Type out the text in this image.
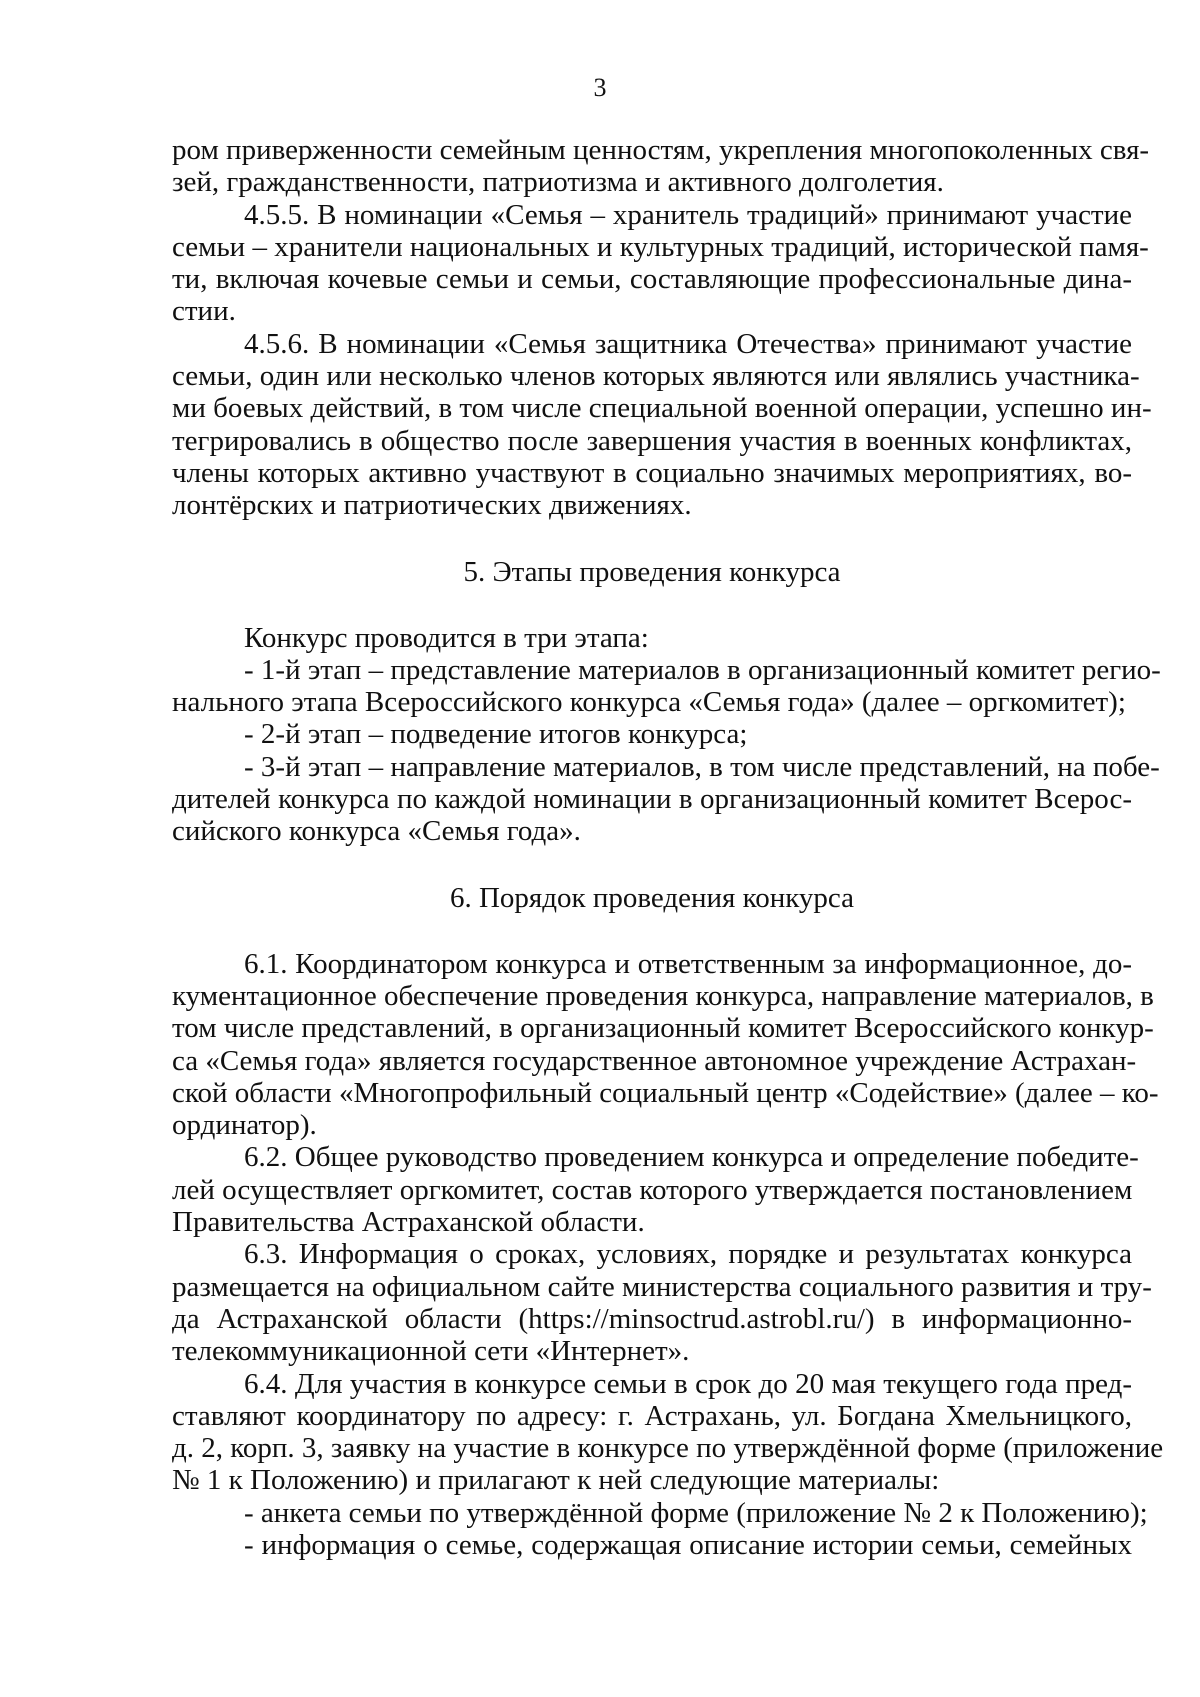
3
ром приверженности семейным ценностям, укрепления многопоколенных свя-
зей, гражданственности, патриотизма и активного долголетия.
4.5.5. В номинации «Семья – хранитель традиций» принимают участие
семьи – хранители национальных и культурных традиций, исторической памя-
ти, включая кочевые семьи и семьи, составляющие профессиональные дина-
стии.
4.5.6. В номинации «Семья защитника Отечества» принимают участие
семьи, один или несколько членов которых являются или являлись участника-
ми боевых действий, в том числе специальной военной операции, успешно ин-
тегрировались в общество после завершения участия в военных конфликтах,
члены которых активно участвуют в социально значимых мероприятиях, во-
лонтёрских и патриотических движениях.
5. Этапы проведения конкурса
Конкурс проводится в три этапа:
- 1-й этап – представление материалов в организационный комитет регио-
нального этапа Всероссийского конкурса «Семья года» (далее – оргкомитет);
- 2-й этап – подведение итогов конкурса;
- 3-й этап – направление материалов, в том числе представлений, на побе-
дителей конкурса по каждой номинации в организационный комитет Всерос-
сийского конкурса «Семья года».
6. Порядок проведения конкурса
6.1. Координатором конкурса и ответственным за информационное, до-
кументационное обеспечение проведения конкурса, направление материалов, в
том числе представлений, в организационный комитет Всероссийского конкур-
са «Семья года» является государственное автономное учреждение Астрахан-
ской области «Многопрофильный социальный центр «Содействие» (далее – ко-
ординатор).
6.2. Общее руководство проведением конкурса и определение победите-
лей осуществляет оргкомитет, состав которого утверждается постановлением
Правительства Астраханской области.
6.3. Информация о сроках, условиях, порядке и результатах конкурса
размещается на официальном сайте министерства социального развития и тру-
да Астраханской области (https://minsoctrud.astrobl.ru/) в информационно-
телекоммуникационной сети «Интернет».
6.4. Для участия в конкурсе семьи в срок до 20 мая текущего года пред-
ставляют координатору по адресу: г. Астрахань, ул. Богдана Хмельницкого,
д. 2, корп. 3, заявку на участие в конкурсе по утверждённой форме (приложение
№ 1 к Положению) и прилагают к ней следующие материалы:
- анкета семьи по утверждённой форме (приложение № 2 к Положению);
- информация о семье, содержащая описание истории семьи, семейных
